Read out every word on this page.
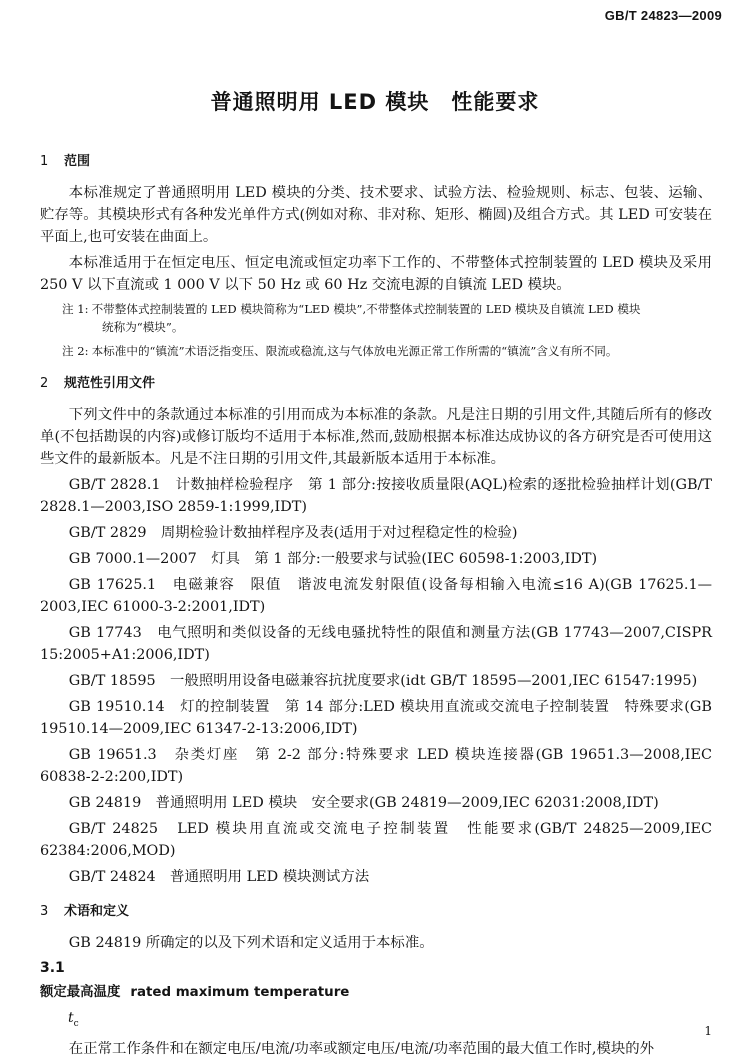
GB/T 24823—2009
普通照明用 LED 模块 性能要求
1 范围

本标准规定了普通照明用 LED 模块的分类、技术要求、试验方法、检验规则、标志、包装、运输、贮存等。其模块形式有各种发光单件方式(例如对称、非对称、矩形、椭圆)及组合方式。其 LED 可安装在平面上,也可安装在曲面上。

本标准适用于在恒定电压、恒定电流或恒定功率下工作的、不带整体式控制装置的 LED 模块及采用 250 V 以下直流或 1 000 V 以下 50 Hz 或 60 Hz 交流电源的自镇流 LED 模块。

注 1: 不带整体式控制装置的 LED 模块简称为“LED 模块”,不带整体式控制装置的 LED 模块及自镇流 LED 模块
统称为“模块”。

注 2: 本标准中的“镇流”术语泛指变压、限流或稳流,这与气体放电光源正常工作所需的“镇流”含义有所不同。

2 规范性引用文件

下列文件中的条款通过本标准的引用而成为本标准的条款。凡是注日期的引用文件,其随后所有的修改单(不包括勘误的内容)或修订版均不适用于本标准,然而,鼓励根据本标准达成协议的各方研究是否可使用这些文件的最新版本。凡是不注日期的引用文件,其最新版本适用于本标准。

GB/T 2828.1　计数抽样检验程序　第 1 部分:按接收质量限(AQL)检索的逐批检验抽样计划(GB/T 2828.1—2003,ISO 2859-1:1999,IDT)

GB/T 2829　周期检验计数抽样程序及表(适用于对过程稳定性的检验)

GB 7000.1—2007　灯具　第 1 部分:一般要求与试验(IEC 60598-1:2003,IDT)

GB 17625.1　电磁兼容　限值　谐波电流发射限值(设备每相输入电流≤16 A)(GB 17625.1—2003,IEC 61000-3-2:2001,IDT)

GB 17743　电气照明和类似设备的无线电骚扰特性的限值和测量方法(GB 17743—2007,CISPR 15:2005+A1:2006,IDT)

GB/T 18595　一般照明用设备电磁兼容抗扰度要求(idt GB/T 18595—2001,IEC 61547:1995)

GB 19510.14　灯的控制装置　第 14 部分:LED 模块用直流或交流电子控制装置　特殊要求(GB 19510.14—2009,IEC 61347-2-13:2006,IDT)

GB 19651.3　杂类灯座　第 2-2 部分:特殊要求 LED 模块连接器(GB 19651.3—2008,IEC 60838-2-2:200,IDT)

GB 24819　普通照明用 LED 模块　安全要求(GB 24819—2009,IEC 62031:2008,IDT)

GB/T 24825　LED 模块用直流或交流电子控制装置　性能要求(GB/T 24825—2009,IEC 62384:2006,MOD)

GB/T 24824　普通照明用 LED 模块测试方法

3 术语和定义

GB 24819 所确定的以及下列术语和定义适用于本标准。

3.1
额定最高温度 rated maximum temperature
$t_c$

在正常工作条件和在额定电压/电流/功率或额定电压/电流/功率范围的最大值工作时,模块的外

1
